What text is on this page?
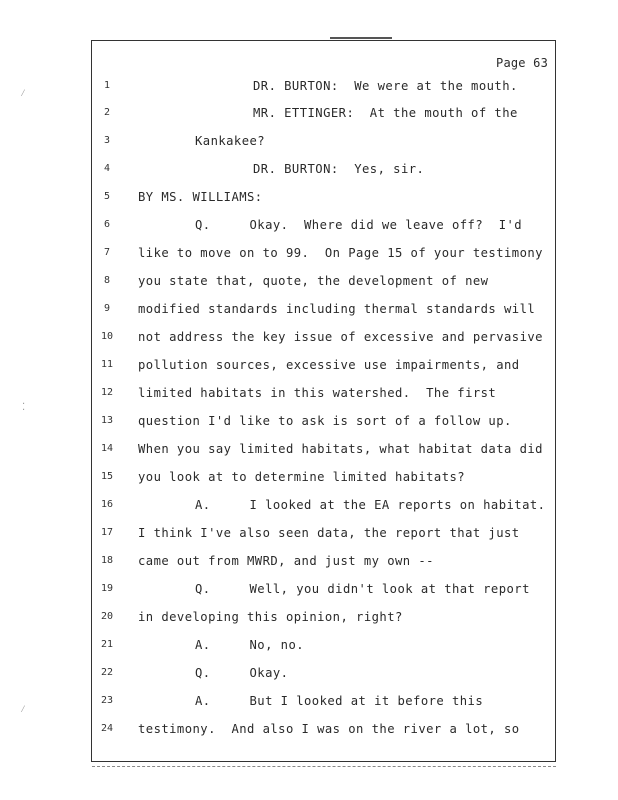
Page 63
1	DR. BURTON:  We were at the mouth.
2	MR. ETTINGER:  At the mouth of the
3	Kankakee?
4	DR. BURTON:  Yes, sir.
5	BY MS. WILLIAMS:
6	Q.     Okay.  Where did we leave off?  I'd
7	like to move on to 99.  On Page 15 of your testimony
8	you state that, quote, the development of new
9	modified standards including thermal standards will
10	not address the key issue of excessive and pervasive
11	pollution sources, excessive use impairments, and
12	limited habitats in this watershed.  The first
13	question I'd like to ask is sort of a follow up.
14	When you say limited habitats, what habitat data did
15	you look at to determine limited habitats?
16	A.     I looked at the EA reports on habitat.
17	I think I've also seen data, the report that just
18	came out from MWRD, and just my own --
19	Q.     Well, you didn't look at that report
20	in developing this opinion, right?
21	A.     No, no.
22	Q.     Okay.
23	A.     But I looked at it before this
24	testimony.  And also I was on the river a lot, so
⁄
⁚
⁄
